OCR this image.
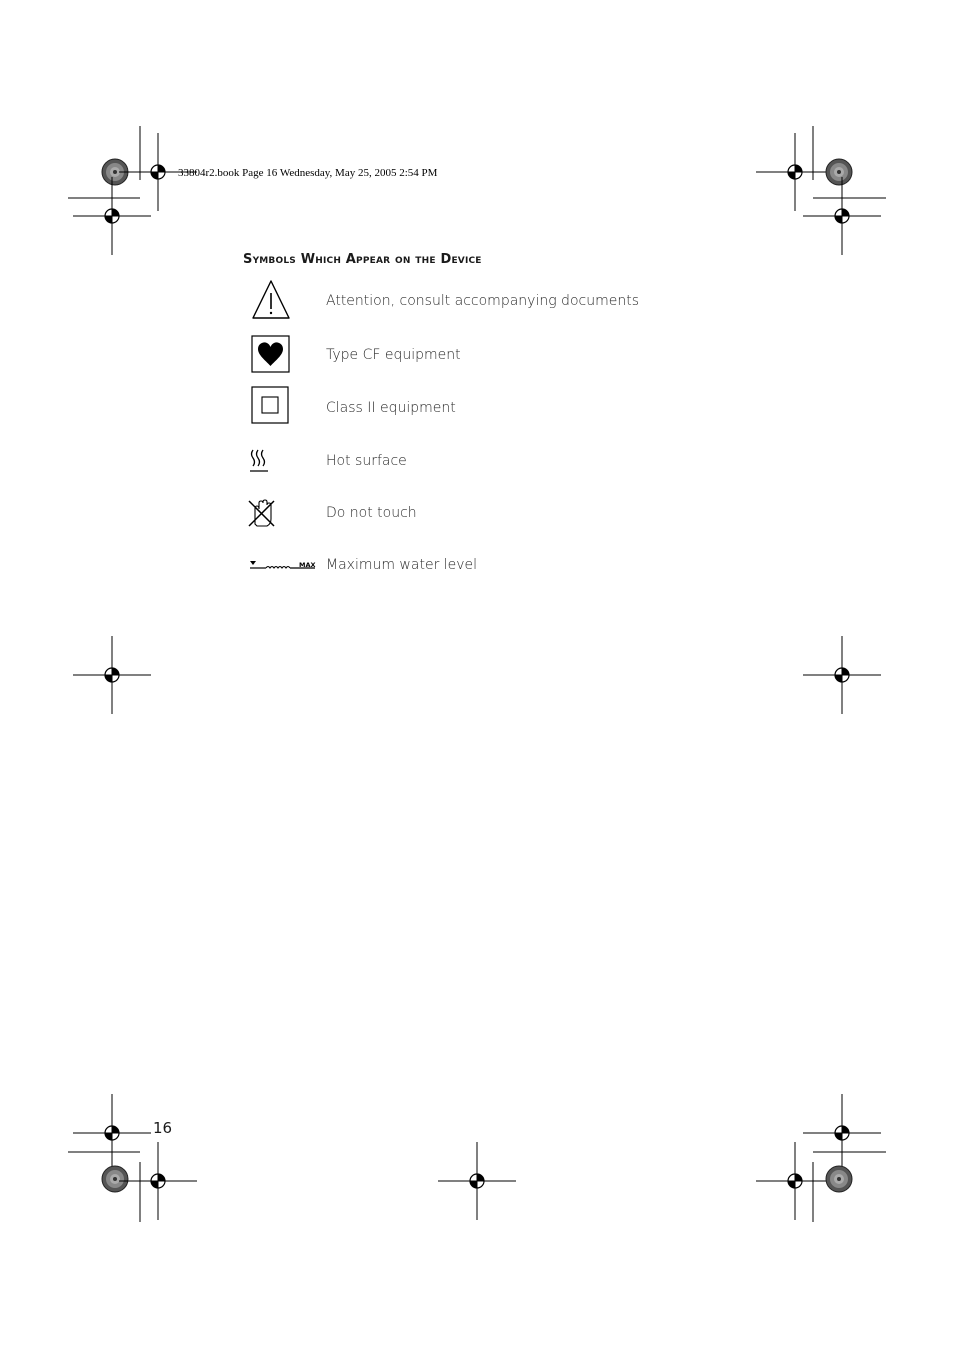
33804r2.book Page 16 Wednesday, May 25, 2005 2:54 PM
Symbols Which Appear on the Device
Attention, consult accompanying documents
Type CF equipment
Class II equipment
Hot surface
Do not touch
MAX Maximum water level
16
